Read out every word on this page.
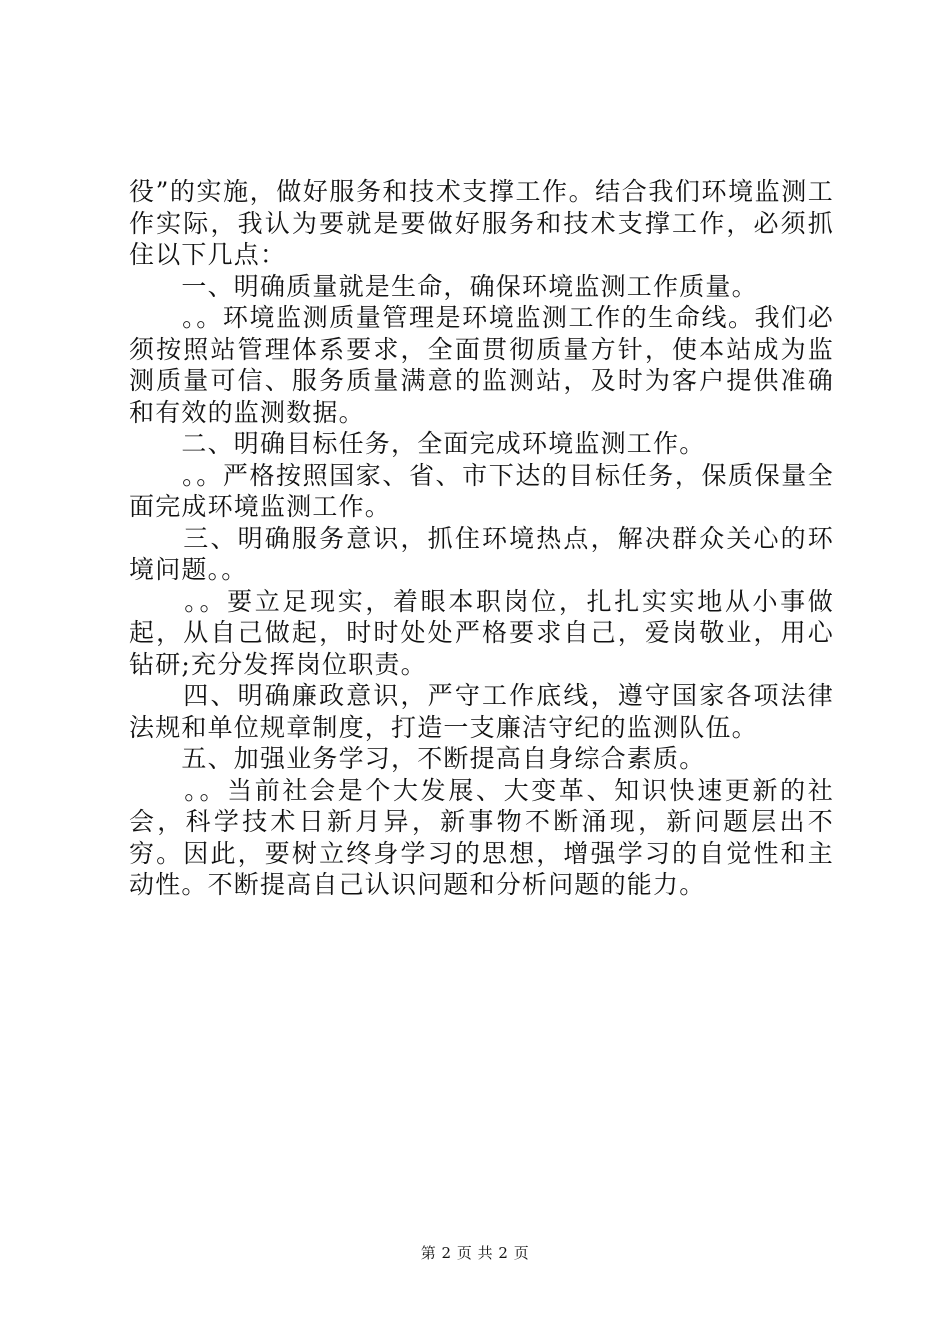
役”的实施，做好服务和技术支撑工作。结合我们环境监测工作实际，我认为要就是要做好服务和技术支撑工作，必须抓住以下几点：

　　一、明确质量就是生命，确保环境监测工作质量。

　　。。环境监测质量管理是环境监测工作的生命线。我们必须按照站管理体系要求，全面贯彻质量方针，使本站成为监测质量可信、服务质量满意的监测站，及时为客户提供准确和有效的监测数据。

　　二、明确目标任务，全面完成环境监测工作。

　　。。严格按照国家、省、市下达的目标任务，保质保量全面完成环境监测工作。

　　三、明确服务意识，抓住环境热点，解决群众关心的环境问题。。

　　。。要立足现实，着眼本职岗位，扎扎实实地从小事做起，从自己做起，时时处处严格要求自己，爱岗敬业，用心钻研;充分发挥岗位职责。

　　四、明确廉政意识，严守工作底线，遵守国家各项法律法规和单位规章制度，打造一支廉洁守纪的监测队伍。

　　五、加强业务学习，不断提高自身综合素质。

　　。。当前社会是个大发展、大变革、知识快速更新的社会，科学技术日新月异，新事物不断涌现，新问题层出不穷。因此，要树立终身学习的思想，增强学习的自觉性和主动性。不断提高自己认识问题和分析问题的能力。

第 2 页 共 2 页
